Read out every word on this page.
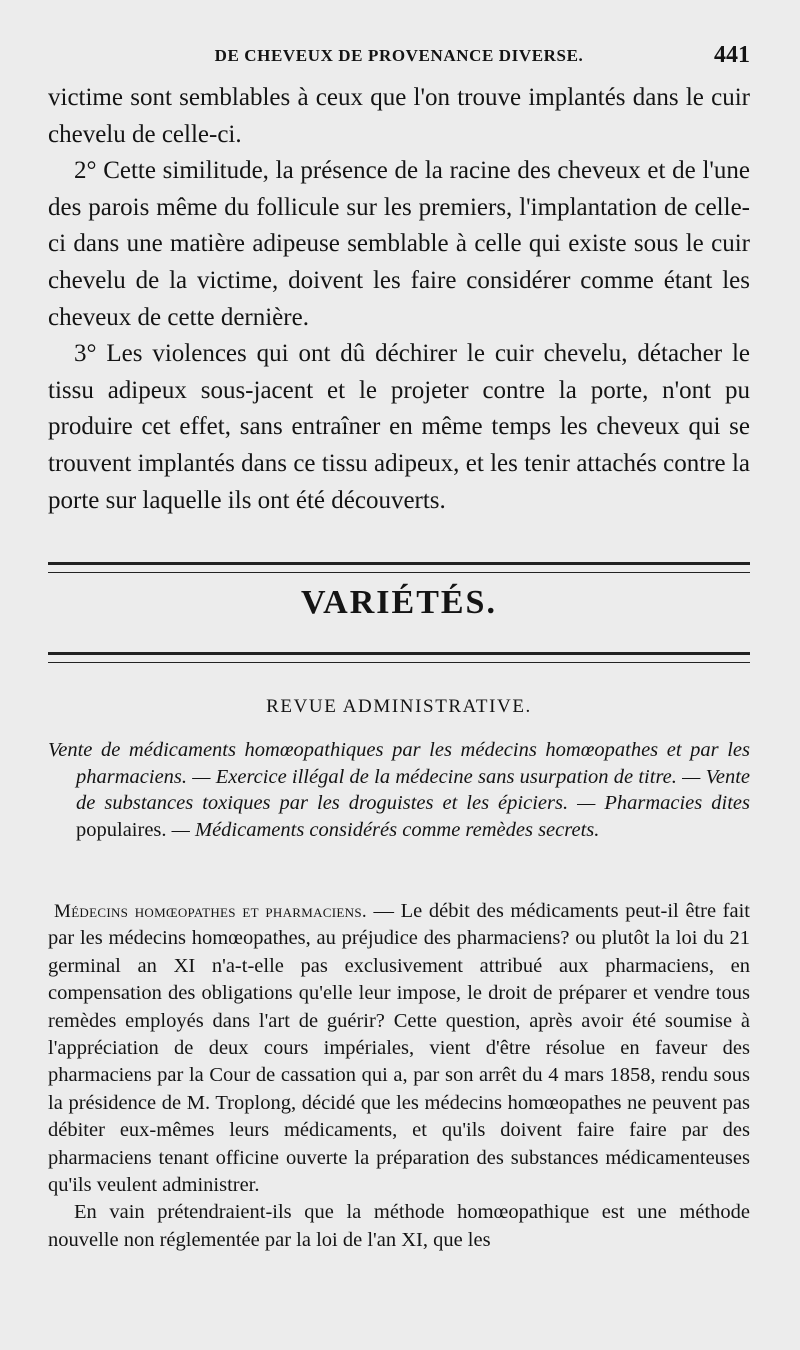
DE CHEVEUX DE PROVENANCE DIVERSE.	441

victime sont semblables à ceux que l'on trouve implantés dans le cuir chevelu de celle-ci.

2° Cette similitude, la présence de la racine des cheveux et de l'une des parois même du follicule sur les premiers, l'implantation de celle-ci dans une matière adipeuse semblable à celle qui existe sous le cuir chevelu de la victime, doivent les faire considérer comme étant les cheveux de cette dernière.

3° Les violences qui ont dû déchirer le cuir chevelu, détacher le tissu adipeux sous-jacent et le projeter contre la porte, n'ont pu produire cet effet, sans entraîner en même temps les cheveux qui se trouvent implantés dans ce tissu adipeux, et les tenir attachés contre la porte sur laquelle ils ont été découverts.

VARIÉTÉS.
REVUE ADMINISTRATIVE.

Vente de médicaments homœopathiques par les médecins homœopathes et par les pharmaciens. — Exercice illégal de la médecine sans usurpation de titre. — Vente de substances toxiques par les droguistes et les épiciers. — Pharmacies dites populaires. — Médicaments considérés comme remèdes secrets.

Médecins homœopathes et pharmaciens. — Le débit des médicaments peut-il être fait par les médecins homœopathes, au préjudice des pharmaciens? ou plutôt la loi du 21 germinal an XI n'a-t-elle pas exclusivement attribué aux pharmaciens, en compensation des obligations qu'elle leur impose, le droit de préparer et vendre tous remèdes employés dans l'art de guérir? Cette question, après avoir été soumise à l'appréciation de deux cours impériales, vient d'être résolue en faveur des pharmaciens par la Cour de cassation qui a, par son arrêt du 4 mars 1858, rendu sous la présidence de M. Troplong, décidé que les médecins homœopathes ne peuvent pas débiter eux-mêmes leurs médicaments, et qu'ils doivent faire faire par des pharmaciens tenant officine ouverte la préparation des substances médicamenteuses qu'ils veulent administrer.

En vain prétendraient-ils que la méthode homœopathique est une méthode nouvelle non réglementée par la loi de l'an XI, que les
